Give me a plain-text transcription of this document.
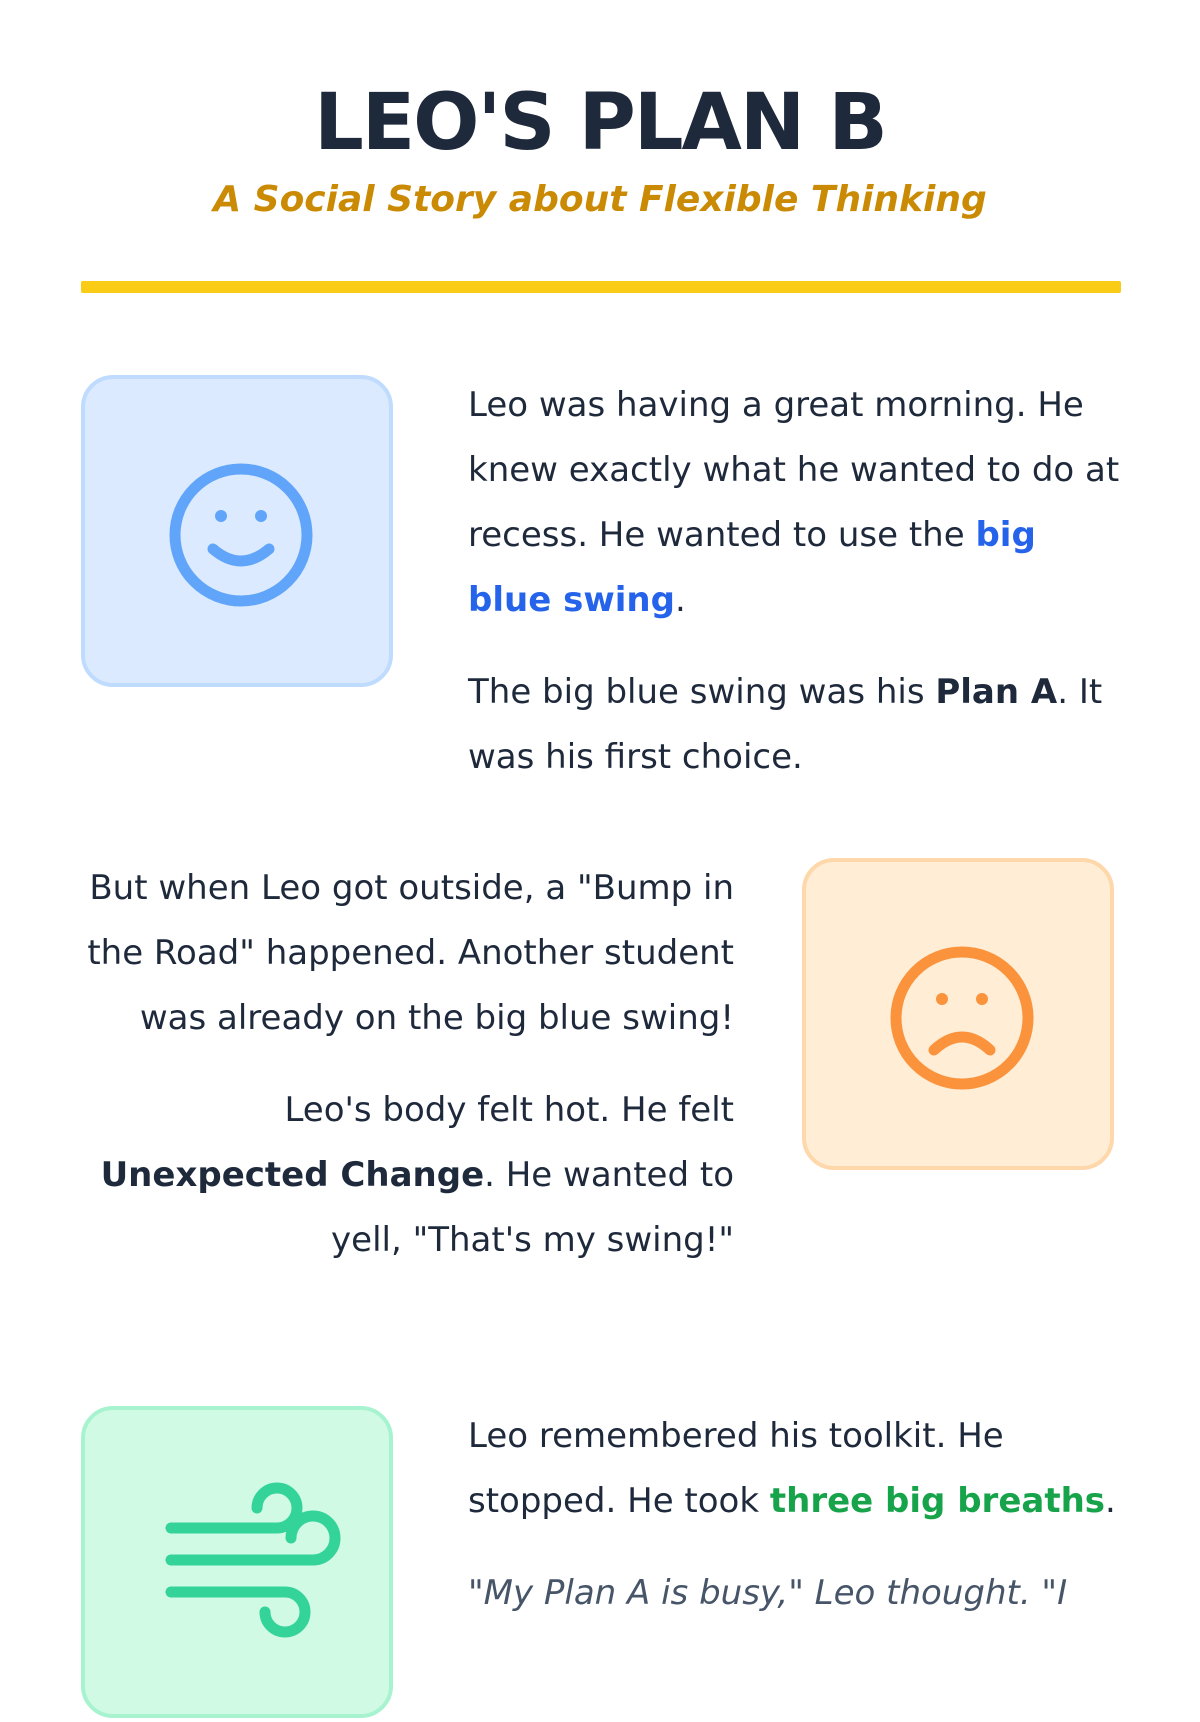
LEO'S PLAN B
A Social Story about Flexible Thinking

Leo was having a great morning. He knew exactly what he wanted to do at recess. He wanted to use the big blue swing.

The big blue swing was his Plan A. It was his first choice.

But when Leo got outside, a "Bump in the Road" happened. Another student was already on the big blue swing!

Leo's body felt hot. He felt Unexpected Change. He wanted to yell, "That's my swing!"

Leo remembered his toolkit. He stopped. He took three big breaths.

"My Plan A is busy," Leo thought. "I
